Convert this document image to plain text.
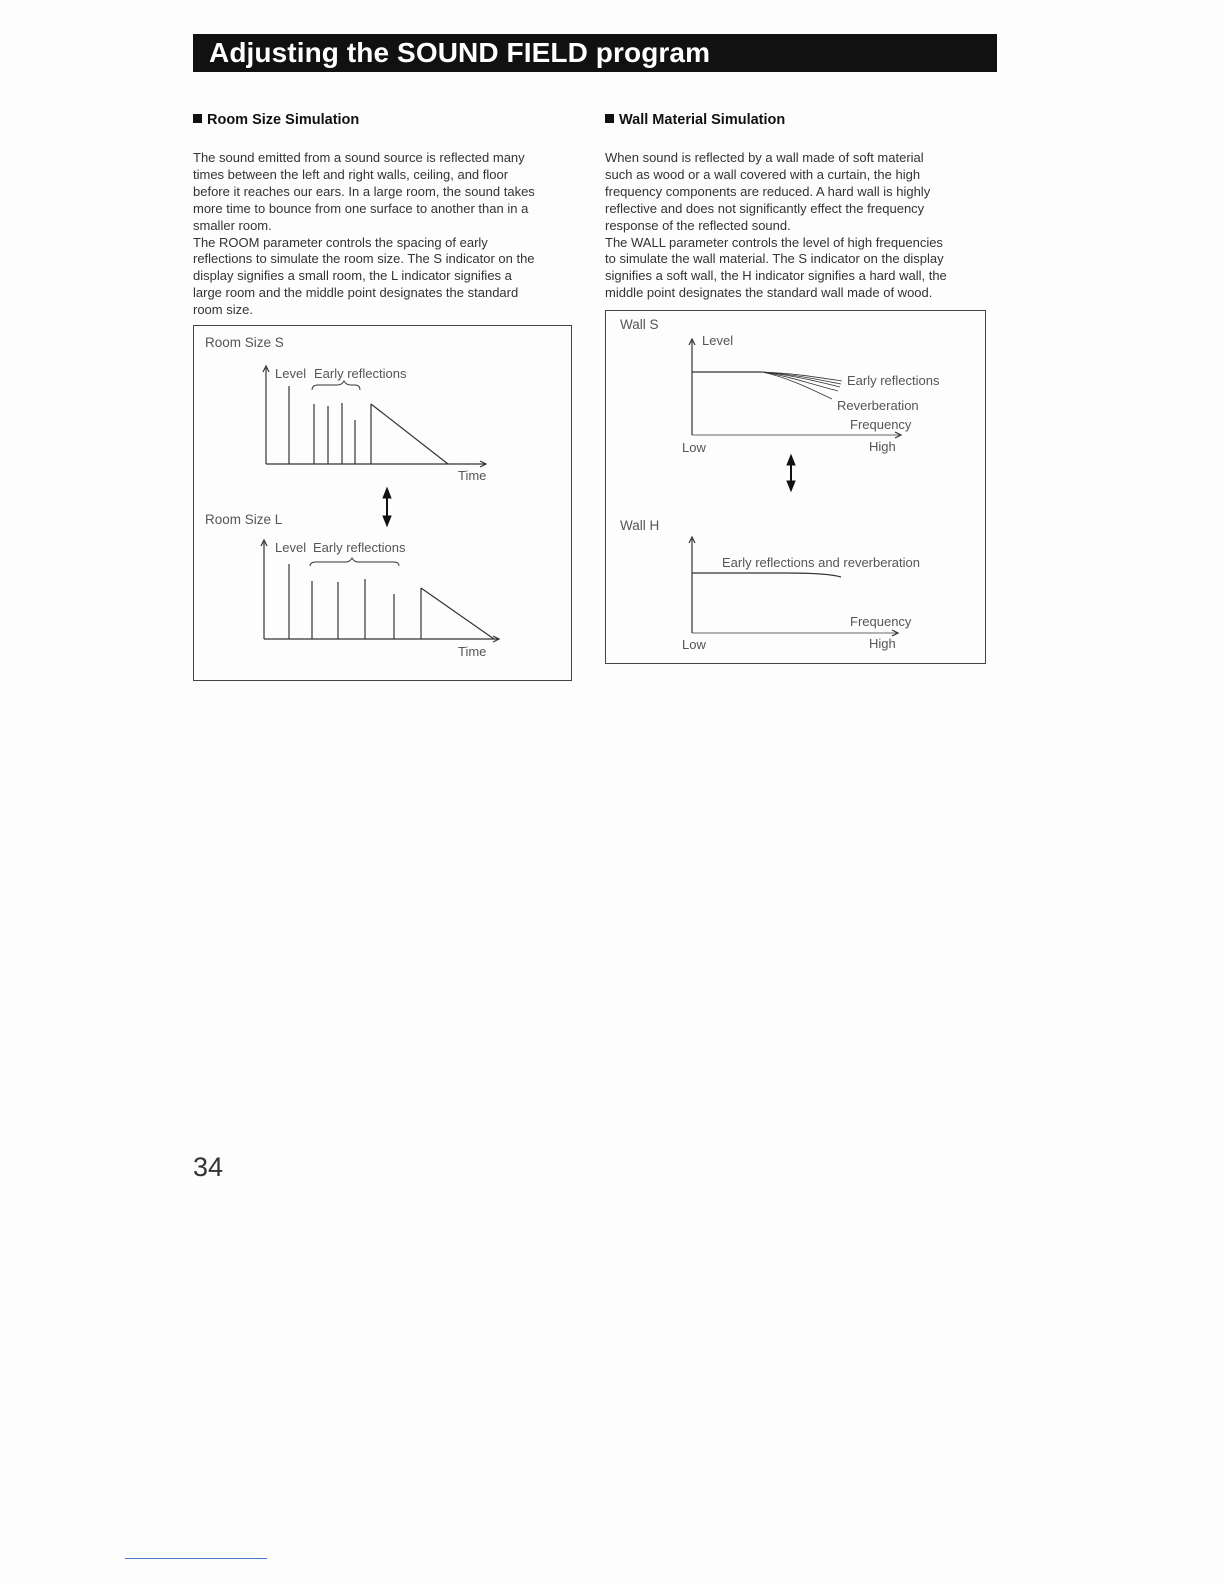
Adjusting the SOUND FIELD program
Room Size Simulation

The sound emitted from a sound source is reflected many
times between the left and right walls, ceiling, and floor
before it reaches our ears. In a large room, the sound takes
more time to bounce from one surface to another than in a
smaller room.

The ROOM parameter controls the spacing of early
reflections to simulate the room size. The S indicator on the
display signifies a small room, the L indicator signifies a
large room and the middle point designates the standard
room size.

Wall Material Simulation

When sound is reflected by a wall made of soft material
such as wood or a wall covered with a curtain, the high
frequency components are reduced. A hard wall is highly
reflective and does not significantly effect the frequency
response of the reflected sound.

The WALL parameter controls the level of high frequencies
to simulate the wall material. The S indicator on the display
signifies a soft wall, the H indicator signifies a hard wall, the
middle point designates the standard wall made of wood.

Room Size S
Level Early reflections
Time
Room Size L
Level Early reflections
Time
Wall S
Level
Early reflections
Reverberation
Frequency
Low	High
Wall H
Early reflections and reverberation
Frequency
Low	High
34
